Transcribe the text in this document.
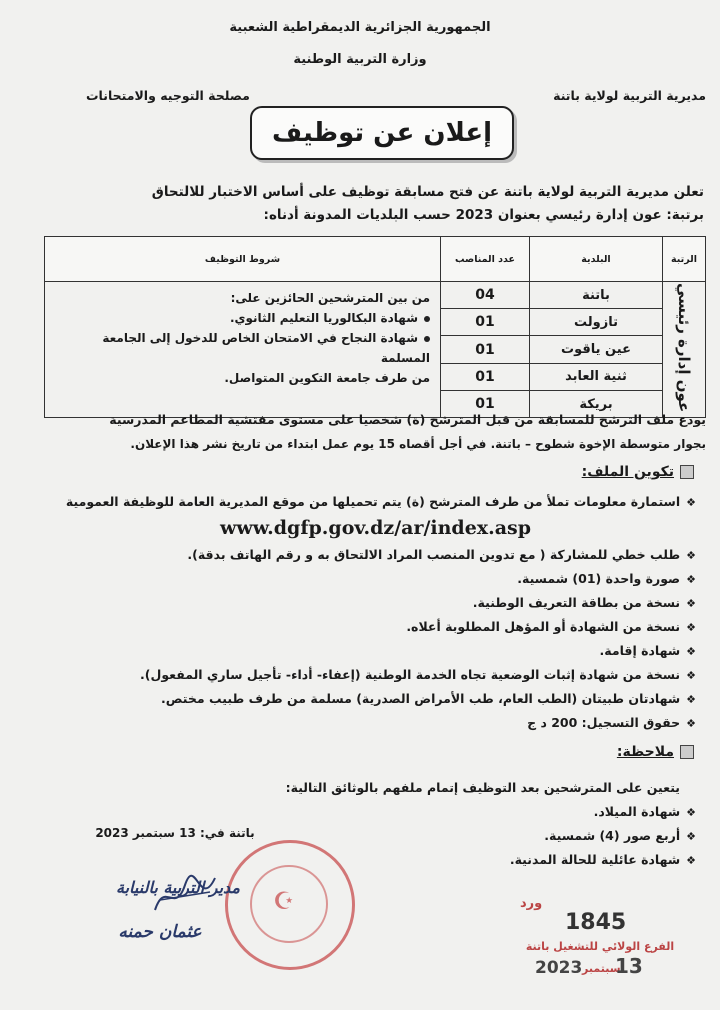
الجمهورية الجزائرية الديمقراطية الشعبية
وزارة التربية الوطنية
مديرية التربية لولاية باتنة
مصلحة التوجيه والامتحانات
إعلان عن توظيف
تعلن مديرية التربية لولاية باتنة عن فتح مسابقة توظيف على أساس الاختبار للالتحاق
برتبة: عون إدارة رئيسي بعنوان 2023 حسب البلديات المدونة أدناه:
الرتبة	البلدية	عدد المناصب	شروط التوظيف
عون إدارة رئيسي	باتنة	04	من بين المترشحين الحائزين على:
شهادة البكالوريا التعليم الثانوي.
شهادة النجاح في الامتحان الخاص للدخول إلى الجامعة المسلمة
من طرف جامعة التكوين المتواصل.

	تازولت	01	
	عين ياقوت	01	
	ثنية العابد	01	
	بريكة	01	
يودع ملف الترشح للمسابقة من قبل المترشح (ة) شخصيا على مستوى مفتشية المطاعم المدرسية
بجوار متوسطة الإخوة شطوح – باتنة. في أجل أقصاه 15 يوم عمل ابتداء من تاريخ نشر هذا الإعلان.
تكوين الملف:
❖استمارة معلومات تملأ من طرف المترشح (ة) يتم تحميلها من موقع المديرية العامة للوظيفة العمومية
www.dgfp.gov.dz/ar/index.asp
❖طلب خطي للمشاركة ( مع تدوين المنصب المراد الالتحاق به و رقم الهاتف بدقة).
❖صورة واحدة (01) شمسية.
❖نسخة من بطاقة التعريف الوطنية.
❖نسخة من الشهادة أو المؤهل المطلوبة أعلاه.
❖شهادة إقامة.
❖نسخة من شهادة إثبات الوضعية تجاه الخدمة الوطنية (إعفاء- أداء- تأجيل ساري المفعول).
❖شهادتان طبيتان (الطب العام، طب الأمراض الصدرية) مسلمة من طرف طبيب مختص.
❖حقوق التسجيل: 200 د ج
ملاحظة:
يتعين على المترشحين بعد التوظيف إتمام ملفهم بالوثائق التالية:
❖شهادة الميلاد.
❖أربع صور (4) شمسية.
❖شهادة عائلية للحالة المدنية.
باتنة في: 13 سبتمبر 2023
☪
مدير التربية بالنيابة
عثمان حمنه
ورد
1845
الفرع الولائي للتشغيل باتنة
2023 سبتمبر
13
